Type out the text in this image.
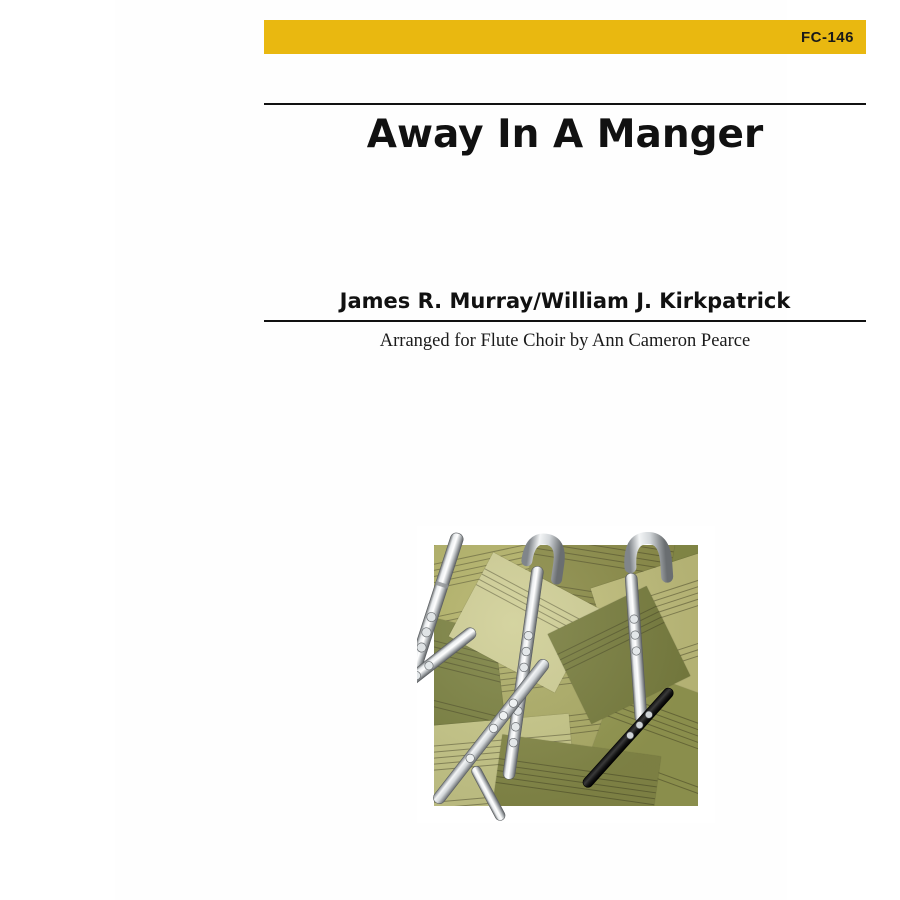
FC-146
Away In A Manger
James R. Murray/William J. Kirkpatrick
Arranged for Flute Choir by Ann Cameron Pearce
